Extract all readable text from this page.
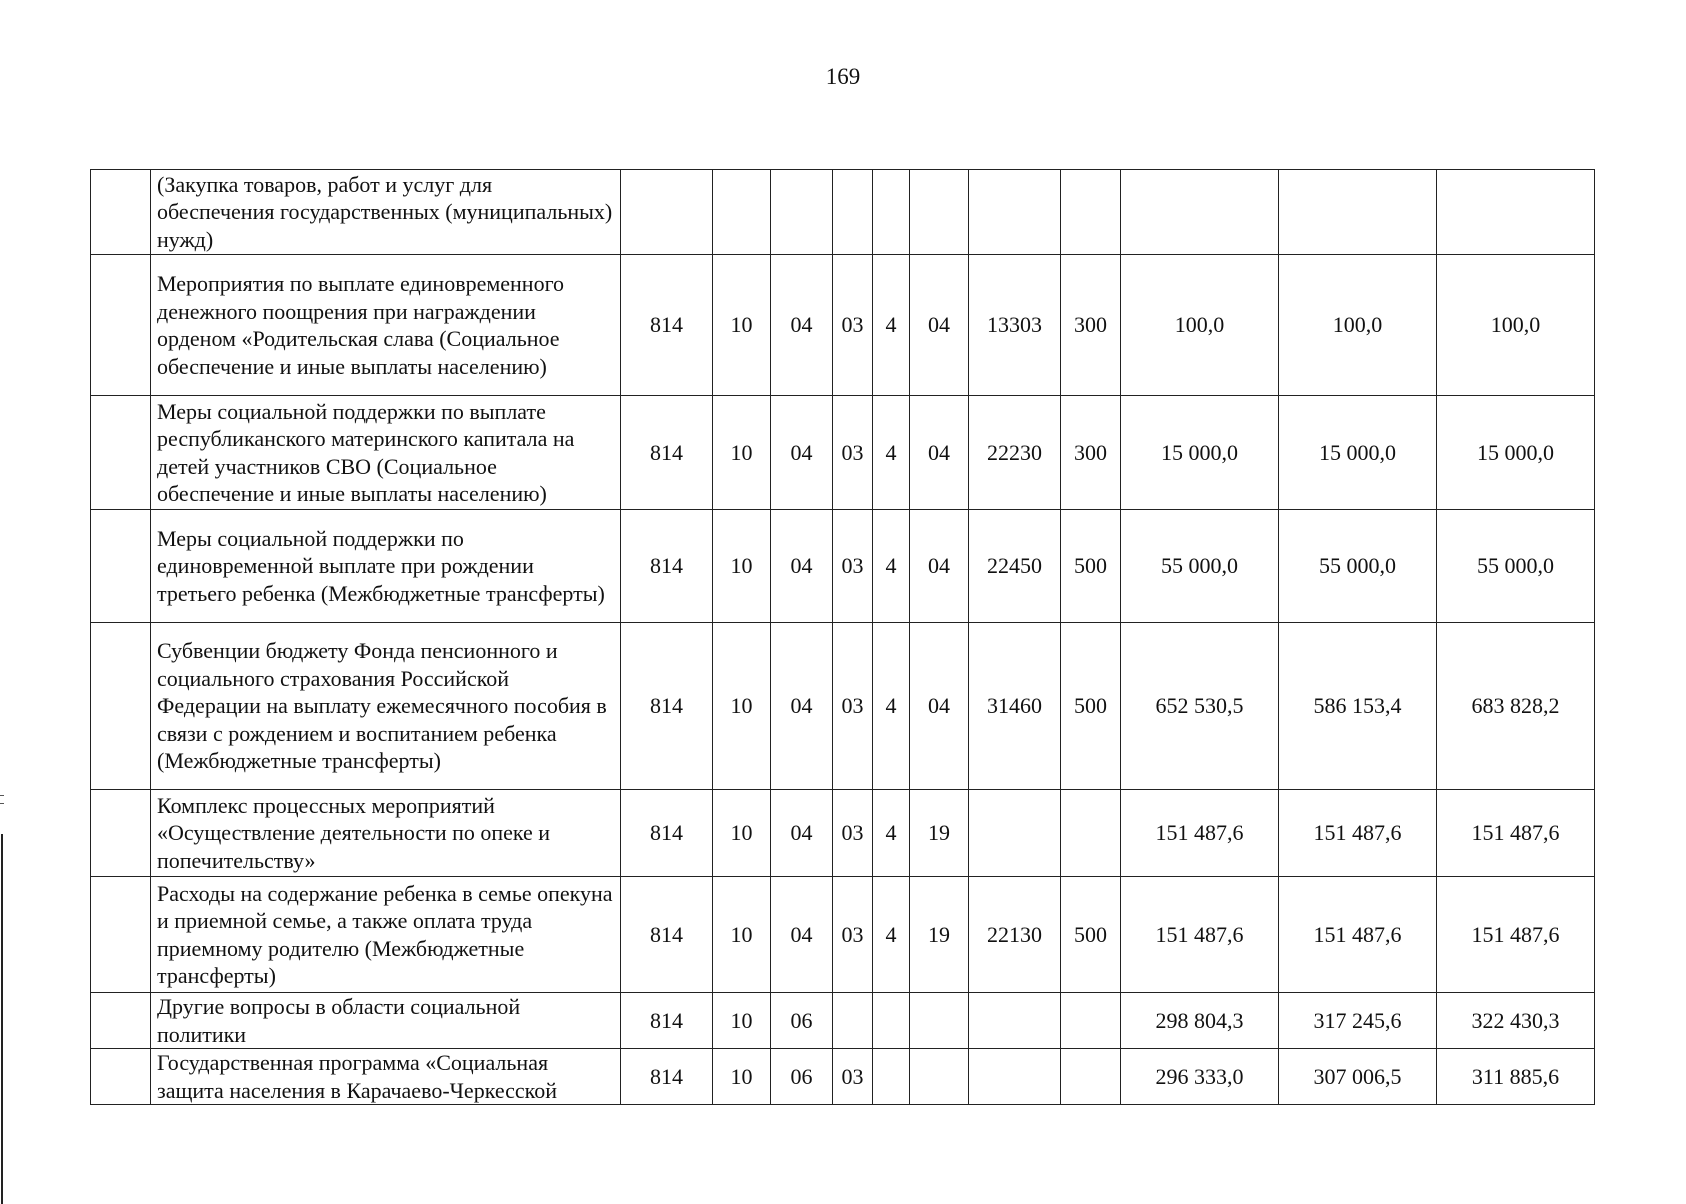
169
	(Закупка товаров, работ и услуг для обеспечения государственных (муниципальных) нужд)											
	Мероприятия по выплате единовременного денежного поощрения при награждении орденом «Родительская слава (Социальное обеспечение и иные выплаты населению)	814	10	04	03	4	04	13303	300	100,0	100,0	100,0
	Меры социальной поддержки по выплате республиканского материнского капитала на детей участников СВО (Социальное обеспечение и иные выплаты населению)	814	10	04	03	4	04	22230	300	15 000,0	15 000,0	15 000,0
	Меры социальной поддержки по единовременной выплате при рождении третьего ребенка (Межбюджетные трансферты)	814	10	04	03	4	04	22450	500	55 000,0	55 000,0	55 000,0
	Субвенции бюджету Фонда пенсионного и социального страхования Российской Федерации на выплату ежемесячного пособия в связи с рождением и воспитанием ребенка (Межбюджетные трансферты)	814	10	04	03	4	04	31460	500	652 530,5	586 153,4	683 828,2
	Комплекс процессных мероприятий «Осуществление деятельности по опеке и попечительству»	814	10	04	03	4	19			151 487,6	151 487,6	151 487,6
	Расходы на содержание ребенка в семье опекуна и приемной семье, а также оплата труда приемному родителю (Межбюджетные трансферты)	814	10	04	03	4	19	22130	500	151 487,6	151 487,6	151 487,6
	Другие вопросы в области социальной политики	814	10	06						298 804,3	317 245,6	322 430,3
	Государственная программа «Социальная защита населения в Карачаево-Черкесской	814	10	06	03					296 333,0	307 006,5	311 885,6
